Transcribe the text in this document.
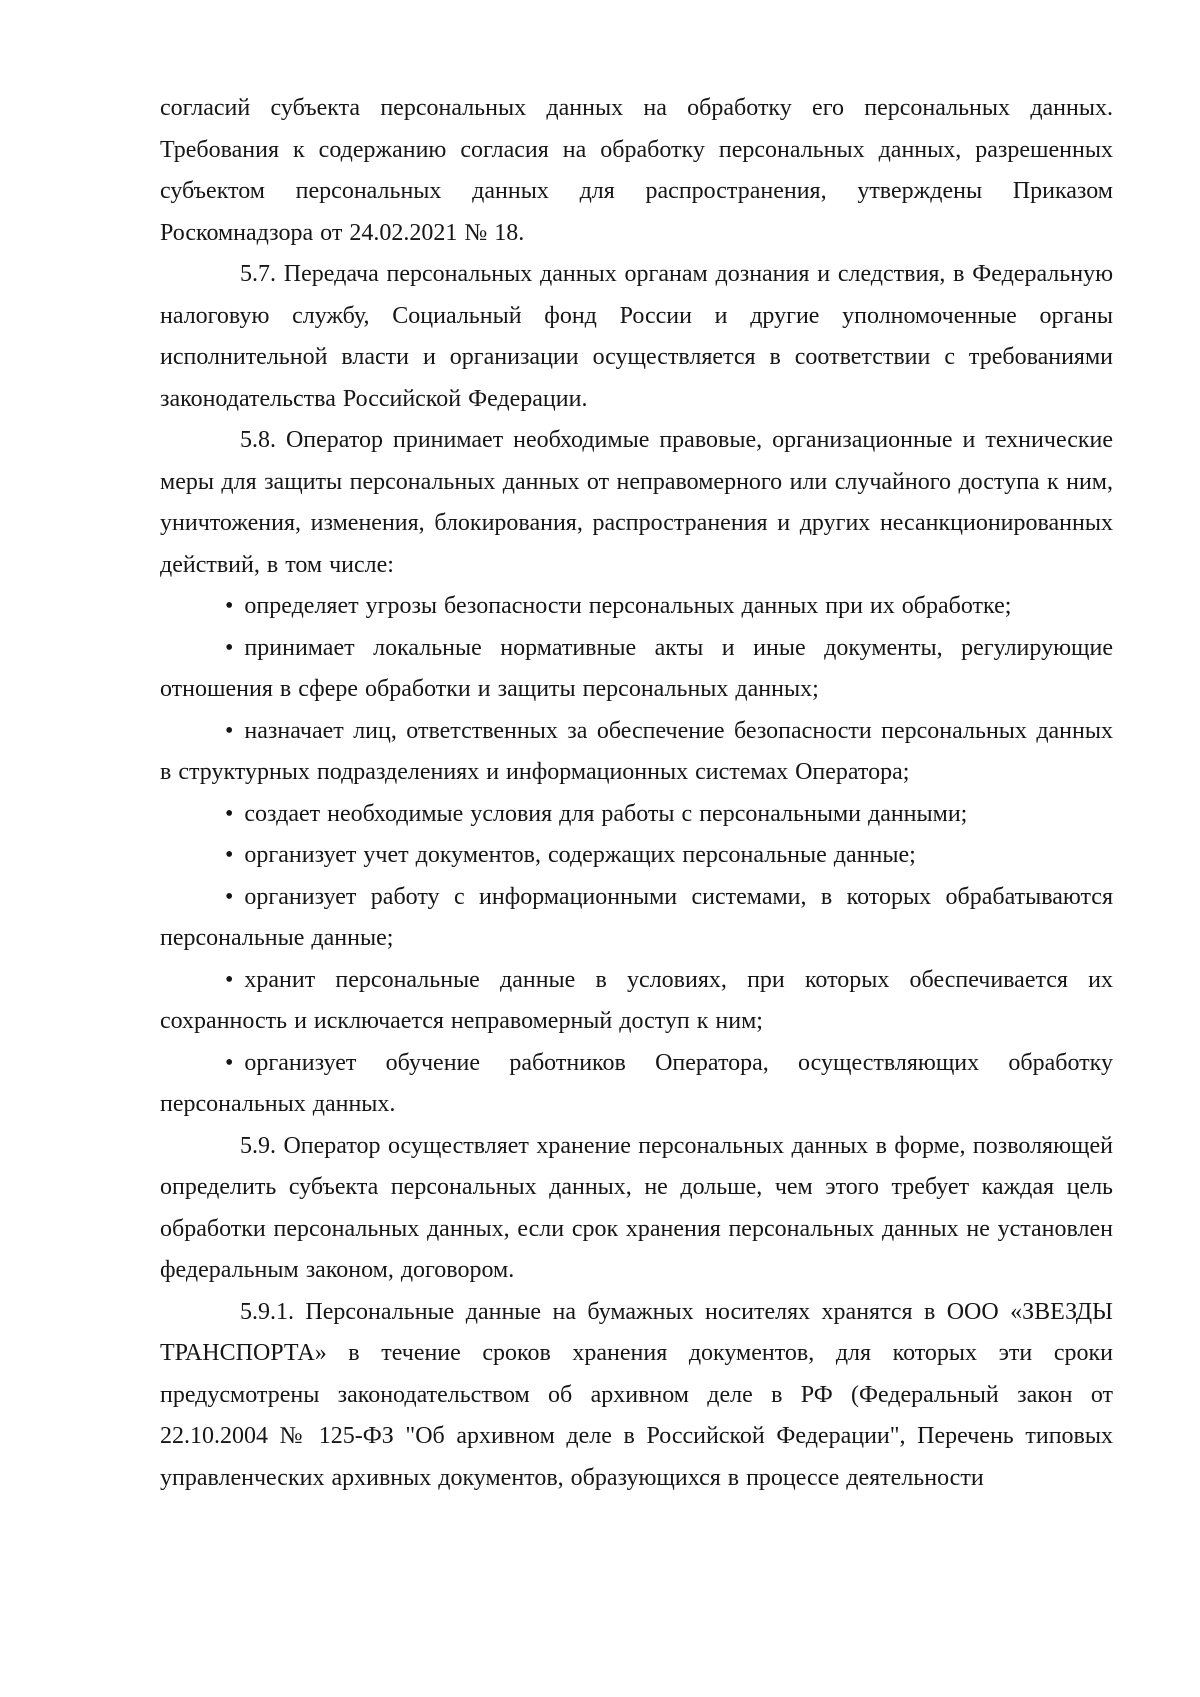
согласий субъекта персональных данных на обработку его персональных данных. Требования к содержанию согласия на обработку персональных данных, разрешенных субъектом персональных данных для распространения, утверждены Приказом Роскомнадзора от 24.02.2021 № 18.

5.7. Передача персональных данных органам дознания и следствия, в Федеральную налоговую службу, Социальный фонд России и другие уполномоченные органы исполнительной власти и организации осуществляется в соответствии с требованиями законодательства Российской Федерации.

5.8. Оператор принимает необходимые правовые, организационные и технические меры для защиты персональных данных от неправомерного или случайного доступа к ним, уничтожения, изменения, блокирования, распространения и других несанкционированных действий, в том числе:

• определяет угрозы безопасности персональных данных при их обработке;

• принимает локальные нормативные акты и иные документы, регулирующие отношения в сфере обработки и защиты персональных данных;

• назначает лиц, ответственных за обеспечение безопасности персональных данных в структурных подразделениях и информационных системах Оператора;

• создает необходимые условия для работы с персональными данными;

• организует учет документов, содержащих персональные данные;

• организует работу с информационными системами, в которых обрабатываются персональные данные;

• хранит персональные данные в условиях, при которых обеспечивается их сохранность и исключается неправомерный доступ к ним;

• организует обучение работников Оператора, осуществляющих обработку персональных данных.

5.9. Оператор осуществляет хранение персональных данных в форме, позволяющей определить субъекта персональных данных, не дольше, чем этого требует каждая цель обработки персональных данных, если срок хранения персональных данных не установлен федеральным законом, договором.

5.9.1. Персональные данные на бумажных носителях хранятся в ООО «ЗВЕЗДЫ ТРАНСПОРТА» в течение сроков хранения документов, для которых эти сроки предусмотрены законодательством об архивном деле в РФ (Федеральный закон от 22.10.2004 № 125-ФЗ "Об архивном деле в Российской Федерации", Перечень типовых управленческих архивных документов, образующихся в процессе деятельности
